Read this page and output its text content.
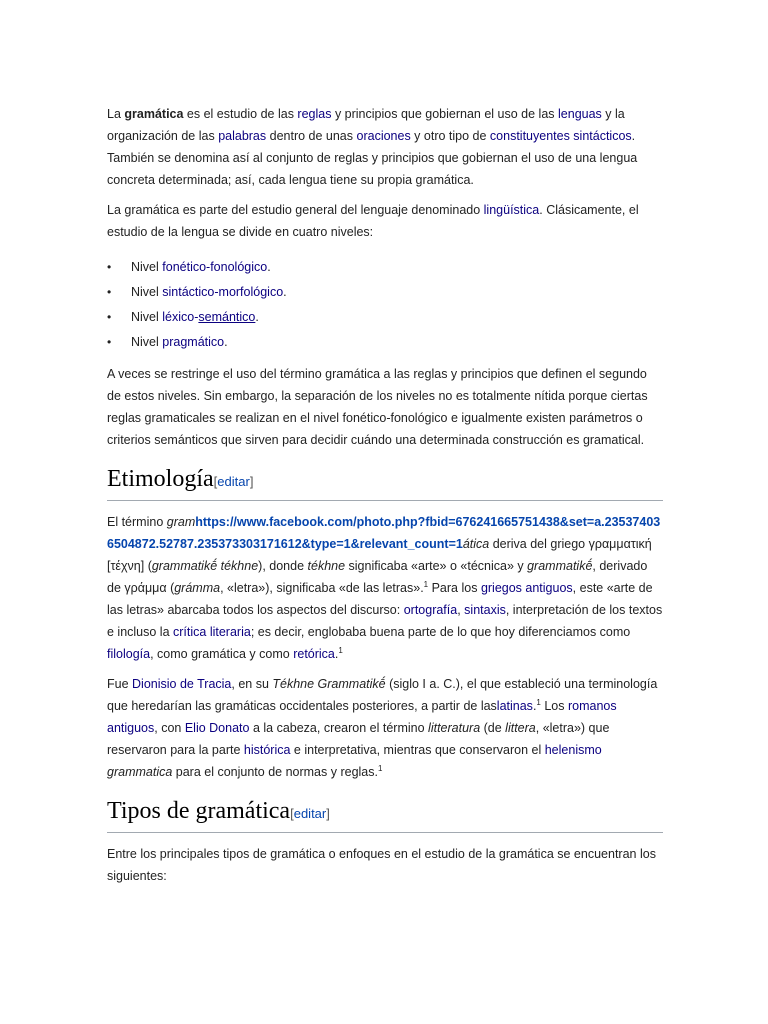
La gramática es el estudio de las reglas y principios que gobiernan el uso de las lenguas y la organización de las palabras dentro de unas oraciones y otro tipo de constituyentes sintácticos. También se denomina así al conjunto de reglas y principios que gobiernan el uso de una lengua concreta determinada; así, cada lengua tiene su propia gramática.

La gramática es parte del estudio general del lenguaje denominado lingüística. Clásicamente, el estudio de la lengua se divide en cuatro niveles:

• Nivel fonético-fonológico.
• Nivel sintáctico-morfológico.
• Nivel léxico-semántico.
• Nivel pragmático.

A veces se restringe el uso del término gramática a las reglas y principios que definen el segundo de estos niveles. Sin embargo, la separación de los niveles no es totalmente nítida porque ciertas reglas gramaticales se realizan en el nivel fonético-fonológico e igualmente existen parámetros o criterios semánticos que sirven para decidir cuándo una determinada construcción es gramatical.

Etimología[editar]

El término gramhttps://www.facebook.com/photo.php?fbid=676241665751438&set=a.235374036504872.52787.235373303171612&type=1&relevant_count=1ática deriva del griego γραμματική [τέχνη] (grammatikḗ tékhne), donde tékhne significaba «arte» o «técnica» y grammatikḗ, derivado de γράμμα (grámma, «letra»), significaba «de las letras».$^1$ Para los griegos antiguos, este «arte de las letras» abarcaba todos los aspectos del discurso: ortografía, sintaxis, interpretación de los textos e incluso la crítica literaria; es decir, englobaba buena parte de lo que hoy diferenciamos como filología, como gramática y como retórica.$^1$

Fue Dionisio de Tracia, en su Tékhne Grammatikḗ (siglo I a. C.), el que estableció una terminología que heredarían las gramáticas occidentales posteriores, a partir de laslatinas.$^1$ Los romanos antiguos, con Elio Donato a la cabeza, crearon el término litteratura (de littera, «letra») que reservaron para la parte histórica e interpretativa, mientras que conservaron el helenismo grammatica para el conjunto de normas y reglas.$^1$

Tipos de gramática[editar]

Entre los principales tipos de gramática o enfoques en el estudio de la gramática se encuentran los siguientes:
